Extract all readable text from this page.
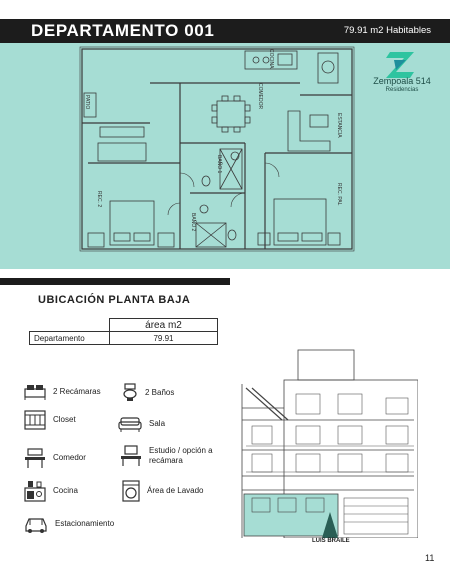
DEPARTAMENTO 001	79.91 m2 Habitables
ESTANCIA
COMEDOR
COCINA
BAÑO 1
BAÑO 2
REC. 2	REC. PAL
PATIO
Zempoala 514
Residencias
UBICACIÓN PLANTA BAJA
	área m2
Departamento	79.91
2 Recámaras	2 Baños
Closet	Sala
Comedor
Estudio / opción a recámara
Cocina	Área de Lavado
Estacionamiento
LUIS BRAILE
11
